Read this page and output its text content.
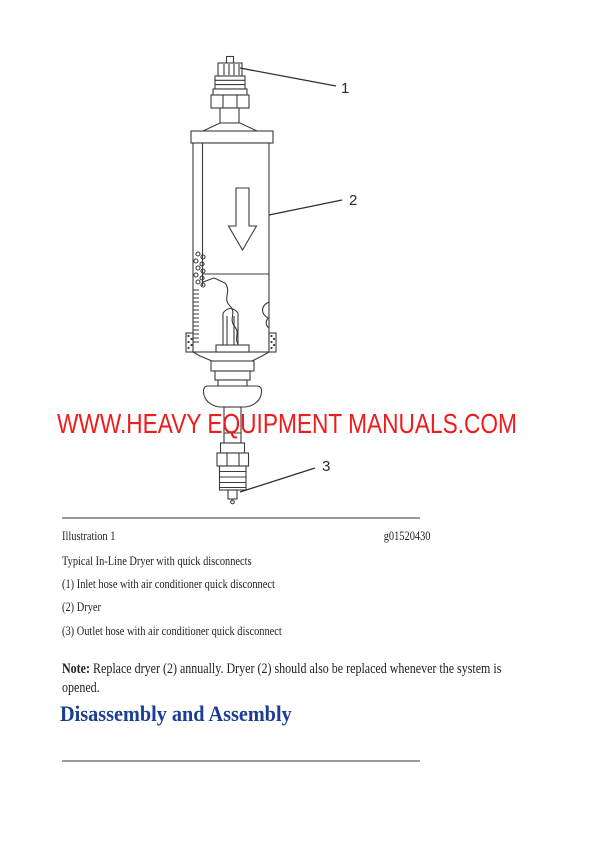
1
2
3
WWW.HEAVY EQUIPMENT MANUALS.COM
Illustration 1	g01520430
Typical In-Line Dryer with quick disconnects
(1) Inlet hose with air conditioner quick disconnect
(2) Dryer
(3) Outlet hose with air conditioner quick disconnect
Note: Replace dryer (2) annually. Dryer (2) should also be replaced whenever the system is
opened.
Disassembly and Assembly
